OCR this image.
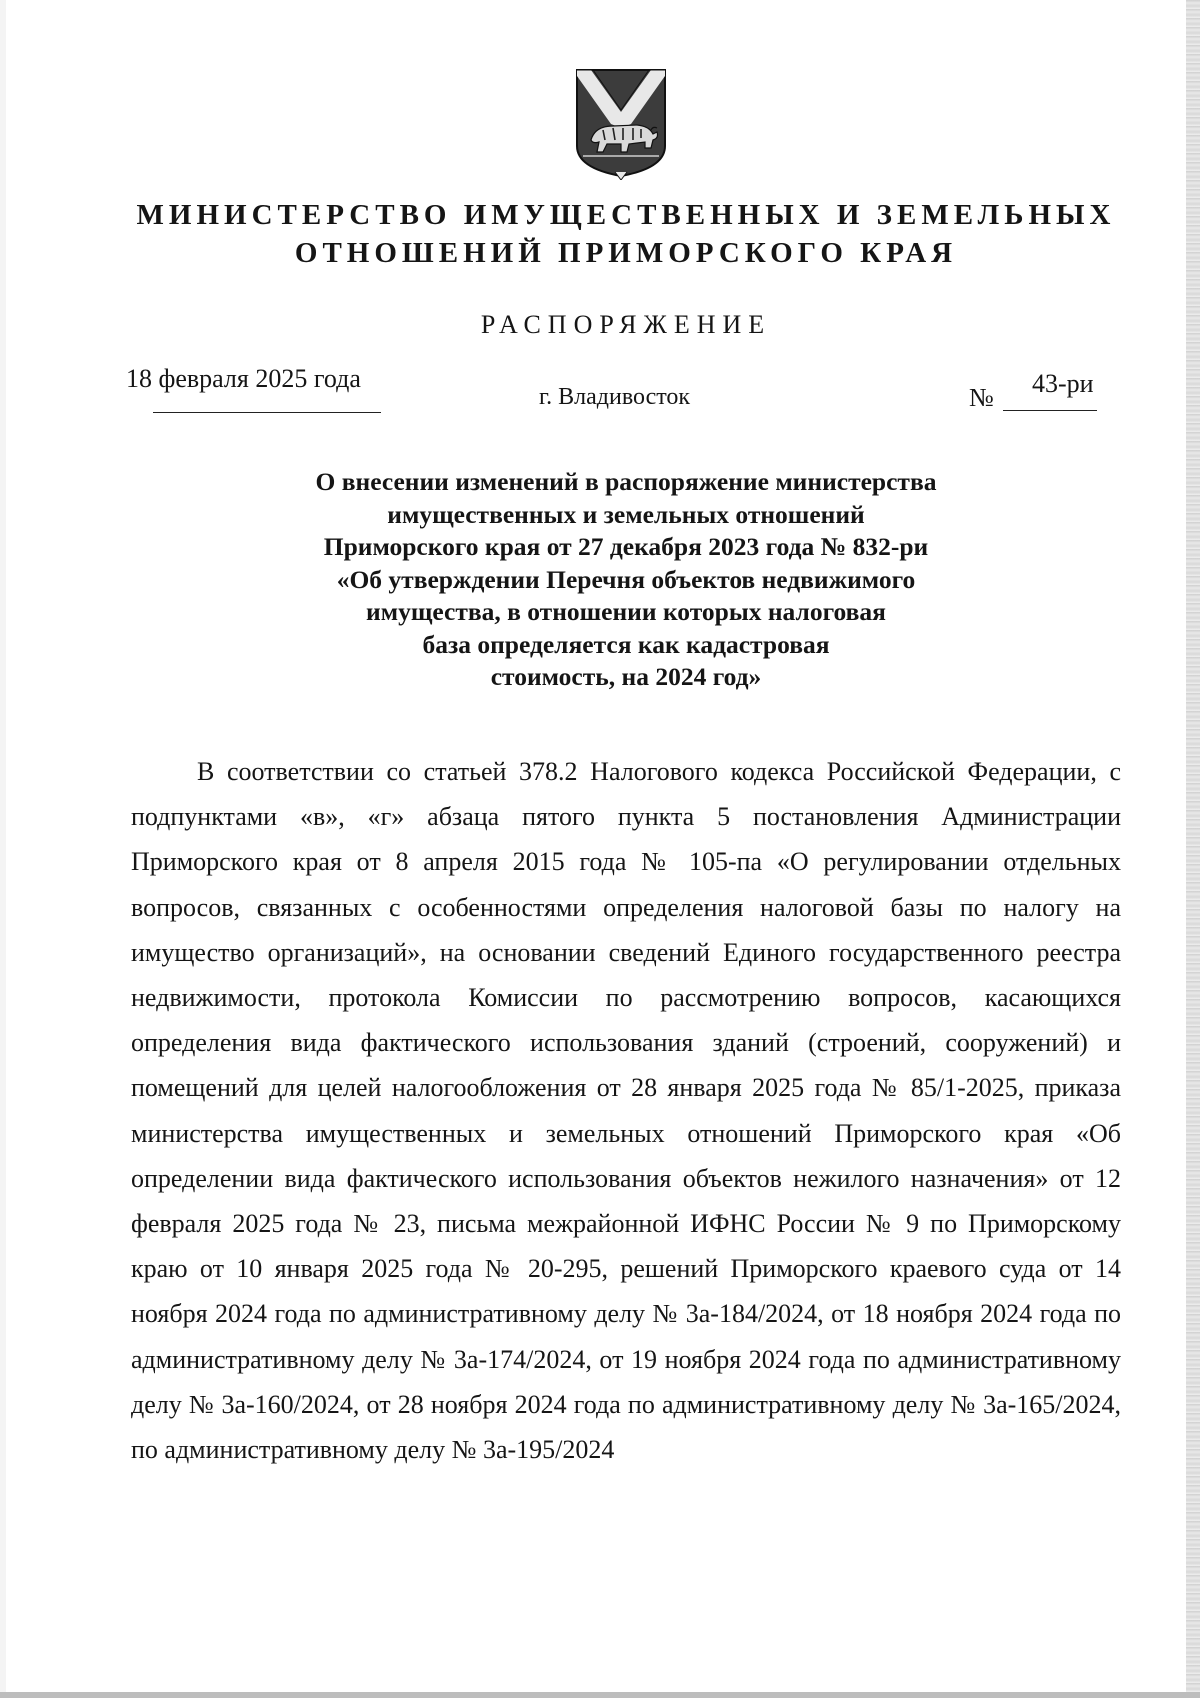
МИНИСТЕРСТВО ИМУЩЕСТВЕННЫХ И ЗЕМЕЛЬНЫХ
ОТНОШЕНИЙ ПРИМОРСКОГО КРАЯ
РАСПОРЯЖЕНИЕ
18 февраля 2025 года
г. Владивосток	№ 43-ри
О внесении изменений в распоряжение министерства
имущественных и земельных отношений
Приморского края от 27 декабря 2023 года № 832-ри
«Об утверждении Перечня объектов недвижимого
имущества, в отношении которых налоговая
база определяется как кадастровая
стоимость, на 2024 год»

В соответствии со статьей 378.2 Налогового кодекса Российской Федерации, с подпунктами «в», «г» абзаца пятого пункта 5 постановления Администрации Приморского края от 8 апреля 2015 года № 105-па «О регулировании отдельных вопросов, связанных с особенностями определения налоговой базы по налогу на имущество организаций», на основании сведений Единого государственного реестра недвижимости, протокола Комиссии по рассмотрению вопросов, касающихся определения вида фактического использования зданий (строений, сооружений) и помещений для целей налогообложения от 28 января 2025 года № 85/1-2025, приказа министерства имущественных и земельных отношений Приморского края «Об определении вида фактического использования объектов нежилого назначения» от 12 февраля 2025 года № 23, письма межрайонной ИФНС России № 9 по Приморскому краю от 10 января 2025 года № 20-295, решений Приморского краевого суда от 14 ноября 2024 года по административному делу № 3а-184/2024, от 18 ноября 2024 года по административному делу № 3а-174/2024, от 19 ноября 2024 года по административному делу № 3а-160/2024, от 28 ноября 2024 года по административному делу № 3а-165/2024, по административному делу № 3а-195/2024
